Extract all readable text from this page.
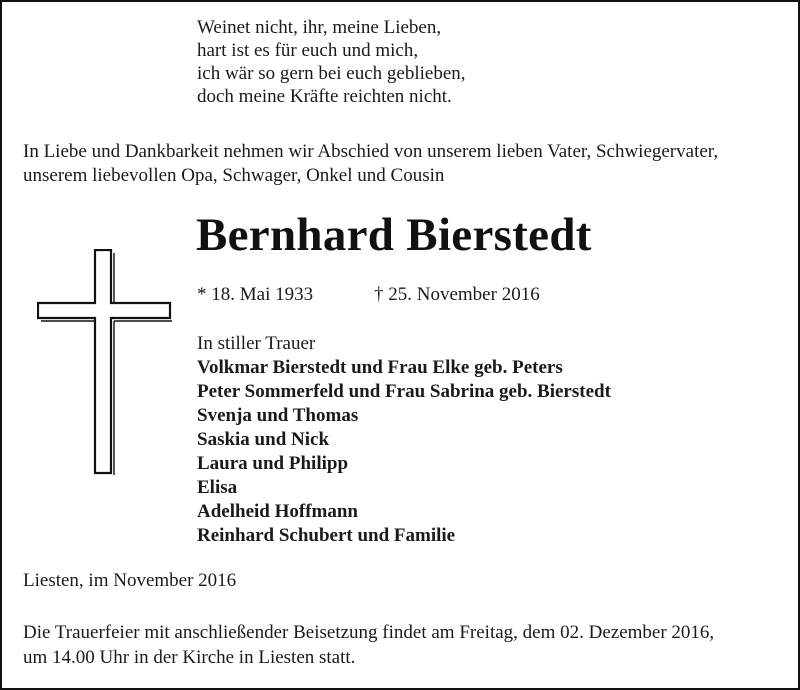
Weinet nicht, ihr, meine Lieben,
hart ist es für euch und mich,
ich wär so gern bei euch geblieben,
doch meine Kräfte reichten nicht.
In Liebe und Dankbarkeit nehmen wir Abschied von unserem lieben Vater, Schwiegervater,
unserem liebevollen Opa, Schwager, Onkel und Cousin
Bernhard Bierstedt
* 18. Mai 1933	† 25. November 2016
In stiller Trauer
Volkmar Bierstedt und Frau Elke geb. Peters
Peter Sommerfeld und Frau Sabrina geb. Bierstedt
Svenja und Thomas
Saskia und Nick
Laura und Philipp
Elisa
Adelheid Hoffmann
Reinhard Schubert und Familie
Liesten, im November 2016
Die Trauerfeier mit anschließender Beisetzung findet am Freitag, dem 02. Dezember 2016,
um 14.00 Uhr in der Kirche in Liesten statt.
